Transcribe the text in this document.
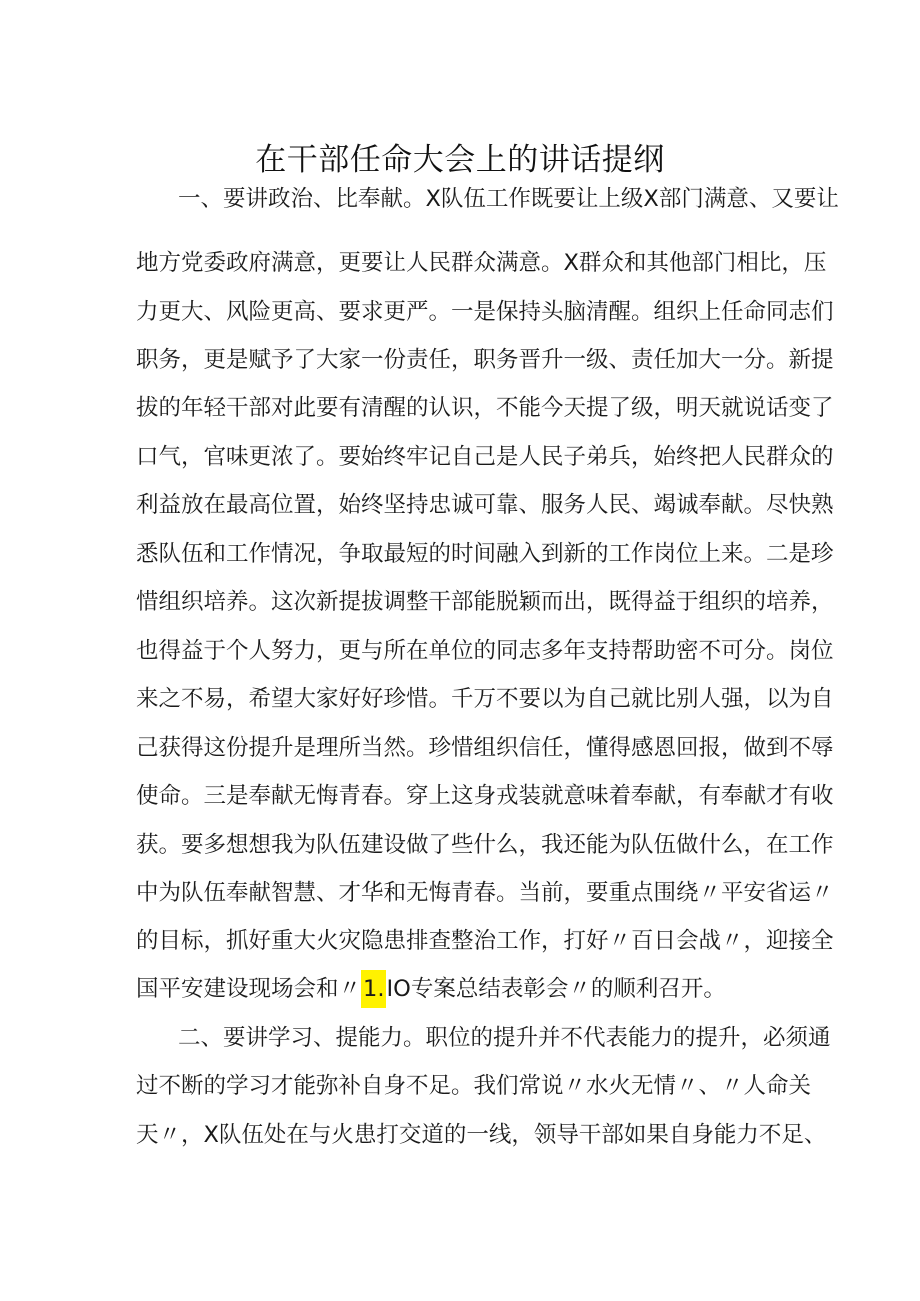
在干部任命大会上的讲话提纲
一、要讲政治、比奉献。X队伍工作既要让上级X部门满意、又要让
地方党委政府满意，更要让人民群众满意。X群众和其他部门相比，压
力更大、风险更高、要求更严。一是保持头脑清醒。组织上任命同志们
职务，更是赋予了大家一份责任，职务晋升一级、责任加大一分。新提
拔的年轻干部对此要有清醒的认识，不能今天提了级，明天就说话变了
口气，官味更浓了。要始终牢记自己是人民子弟兵，始终把人民群众的
利益放在最高位置，始终坚持忠诚可靠、服务人民、竭诚奉献。尽快熟
悉队伍和工作情况，争取最短的时间融入到新的工作岗位上来。二是珍
惜组织培养。这次新提拔调整干部能脱颖而出，既得益于组织的培养，
也得益于个人努力，更与所在单位的同志多年支持帮助密不可分。岗位
来之不易，希望大家好好珍惜。千万不要以为自己就比别人强，以为自
己获得这份提升是理所当然。珍惜组织信任，懂得感恩回报，做到不辱
使命。三是奉献无悔青春。穿上这身戎装就意味着奉献，有奉献才有收
获。要多想想我为队伍建设做了些什么，我还能为队伍做什么，在工作
中为队伍奉献智慧、才华和无悔青春。当前，要重点围绕〃平安省运〃
的目标，抓好重大火灾隐患排查整治工作，打好〃百日会战〃，迎接全
国平安建设现场会和〃1.IO专案总结表彰会〃的顺利召开。
二、要讲学习、提能力。职位的提升并不代表能力的提升，必须通
过不断的学习才能弥补自身不足。我们常说〃水火无情〃、〃人命关
天〃，X队伍处在与火患打交道的一线，领导干部如果自身能力不足、
